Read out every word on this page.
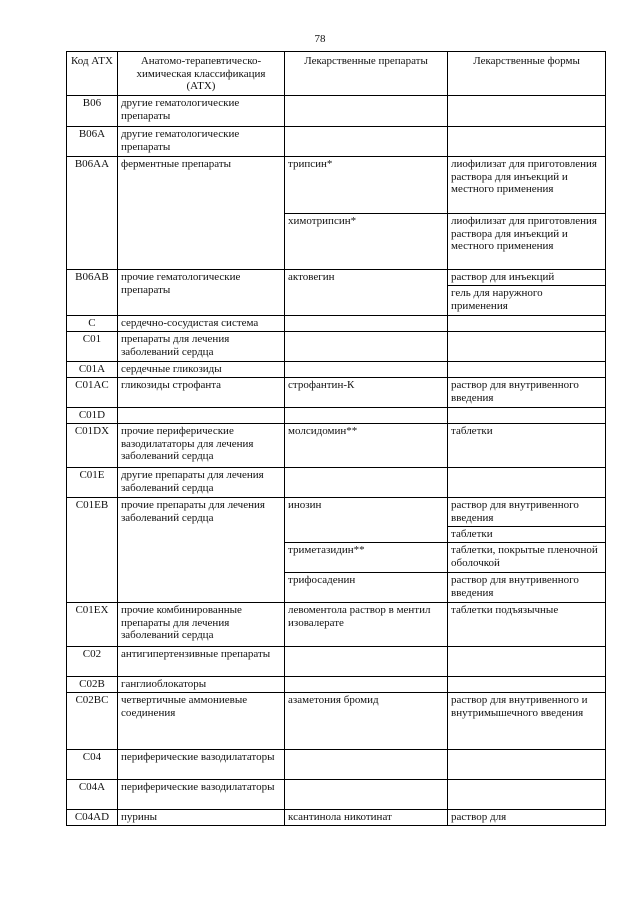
78
Код АТХ	Анатомо-терапевтическо-химическая классификация (АТХ)	Лекарственные препараты	Лекарственные формы
B06	другие гематологические препараты		
B06A	другие гематологические препараты		
B06AA	ферментные препараты	трипсин*	лиофилизат для приготовления раствора для инъекций и местного применения
		химотрипсин*	лиофилизат для приготовления раствора для инъекций и местного применения
B06AB	прочие гематологические препараты	актовегин	раствор для инъекций
			гель для наружного применения
C	сердечно-сосудистая система		
C01	препараты для лечения заболеваний сердца		
C01A	сердечные гликозиды		
C01AC	гликозиды строфанта	строфантин-К	раствор для внутривенного введения
C01D			
C01DX	прочие периферические вазодилататоры для лечения заболеваний сердца	молсидомин**	таблетки
C01E	другие препараты для лечения заболеваний сердца		
C01EB	прочие препараты для лечения заболеваний сердца	инозин	раствор для внутривенного введения
			таблетки
		триметазидин**	таблетки, покрытые пленочной оболочкой
		трифосаденин	раствор для внутривенного введения
C01EX	прочие комбинированные препараты для лечения заболеваний сердца	левоментола раствор в ментил изовалерате	таблетки подъязычные
C02	антигипертензивные препараты		
C02B	ганглиоблокаторы		
C02BC	четвертичные аммониевые соединения	азаметония бромид	раствор для внутривенного и внутримышечного введения
C04	периферические вазодилататоры		
C04A	периферические вазодилататоры		
C04AD	пурины	ксантинола никотинат	раствор для
